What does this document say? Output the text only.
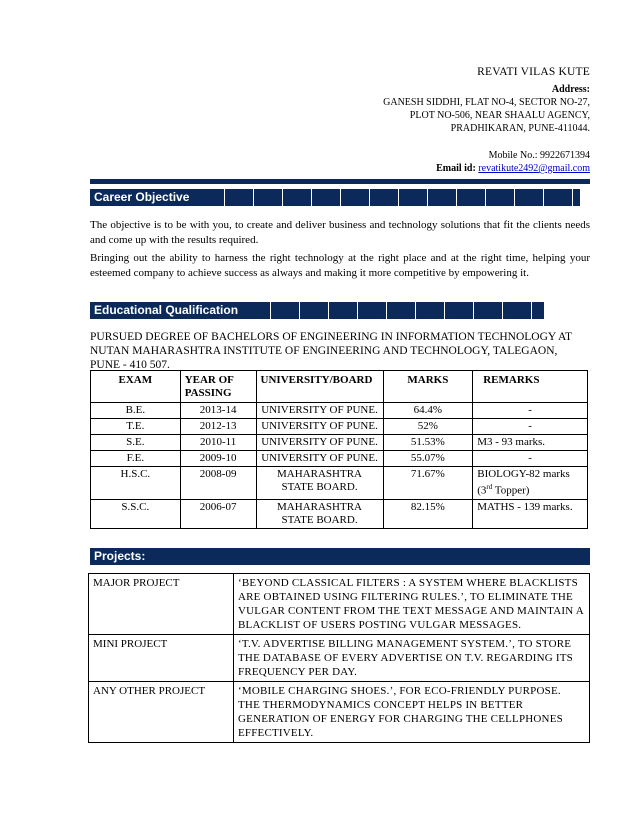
REVATI VILAS KUTE
Address:
GANESH SIDDHI, FLAT NO-4, SECTOR NO-27,
PLOT NO-506, NEAR SHAALU AGENCY,
PRADHIKARAN, PUNE-411044.
Mobile No.: 9922671394
Email id: revatikute2492@gmail.com
Career Objective

The objective is to be with you, to create and deliver business and technology solutions that fit the clients needs and come up with the results required.

Bringing out the ability to harness the right technology at the right place and at the right time, helping your esteemed company to achieve success as always and making it more competitive by empowering it.

Educational Qualification
PURSUED DEGREE OF BACHELORS OF ENGINEERING IN INFORMATION TECHNOLOGY AT NUTAN MAHARASHTRA INSTITUTE OF ENGINEERING AND TECHNOLOGY, TALEGAON, PUNE - 410 507.
EXAM	YEAR OF PASSING	UNIVERSITY/BOARD	MARKS	REMARKS
B.E.	2013-14	UNIVERSITY OF PUNE.	64.4%	-
T.E.	2012-13	UNIVERSITY OF PUNE.	52%	-
S.E.	2010-11	UNIVERSITY OF PUNE.	51.53%	M3 - 93 marks.
F.E.	2009-10	UNIVERSITY OF PUNE.	55.07%	-
H.S.C.	2008-09	MAHARASHTRA STATE BOARD.	71.67%	BIOLOGY-82 marks (3rd Topper)
S.S.C.	2006-07	MAHARASHTRA STATE BOARD.	82.15%	MATHS - 139 marks.
Projects:
MAJOR PROJECT	‘BEYOND CLASSICAL FILTERS : A SYSTEM WHERE BLACKLISTS ARE OBTAINED USING FILTERING RULES.’, TO ELIMINATE THE VULGAR CONTENT FROM THE TEXT MESSAGE AND MAINTAIN A BLACKLIST OF USERS POSTING VULGAR MESSAGES.
MINI PROJECT	‘T.V. ADVERTISE BILLING MANAGEMENT SYSTEM.’, TO STORE THE DATABASE OF EVERY ADVERTISE ON T.V. REGARDING ITS FREQUENCY PER DAY.
ANY OTHER PROJECT	‘MOBILE CHARGING SHOES.’, FOR ECO-FRIENDLY PURPOSE. THE THERMODYNAMICS CONCEPT HELPS IN BETTER GENERATION OF ENERGY FOR CHARGING THE CELLPHONES EFFECTIVELY.
